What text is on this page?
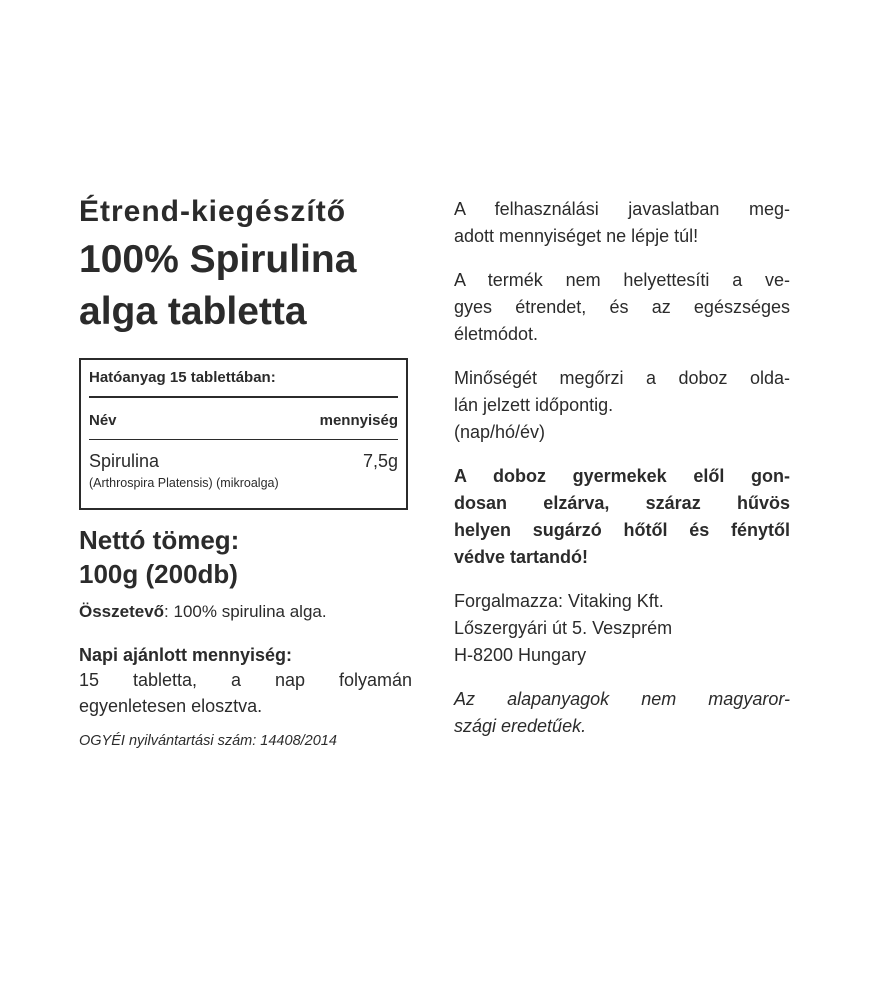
Étrend-kiegészítő
100% Spirulina
alga tabletta
Hatóanyag 15 tablettában:
Név	mennyiség
Spirulina	7,5g
(Arthrospira Platensis) (mikroalga)
Nettó tömeg:
100g (200db)
Összetevő: 100% spirulina alga.
Napi ajánlott mennyiség:
15 tabletta, a nap folyamán
egyenletesen elosztva.
OGYÉI nyilvántartási szám: 14408/2014
A felhasználási javaslatban meg-
adott mennyiséget ne lépje túl!
A termék nem helyettesíti a ve-
gyes étrendet, és az egészséges
életmódot.
Minőségét megőrzi a doboz olda-
lán jelzett időpontig.
(nap/hó/év)
A doboz gyermekek elől gon-
dosan elzárva, száraz hűvös
helyen sugárzó hőtől és fénytől
védve tartandó!
Forgalmazza: Vitaking Kft.
Lőszergyári út 5. Veszprém
H-8200 Hungary
Az alapanyagok nem magyaror-
szági eredetűek.
